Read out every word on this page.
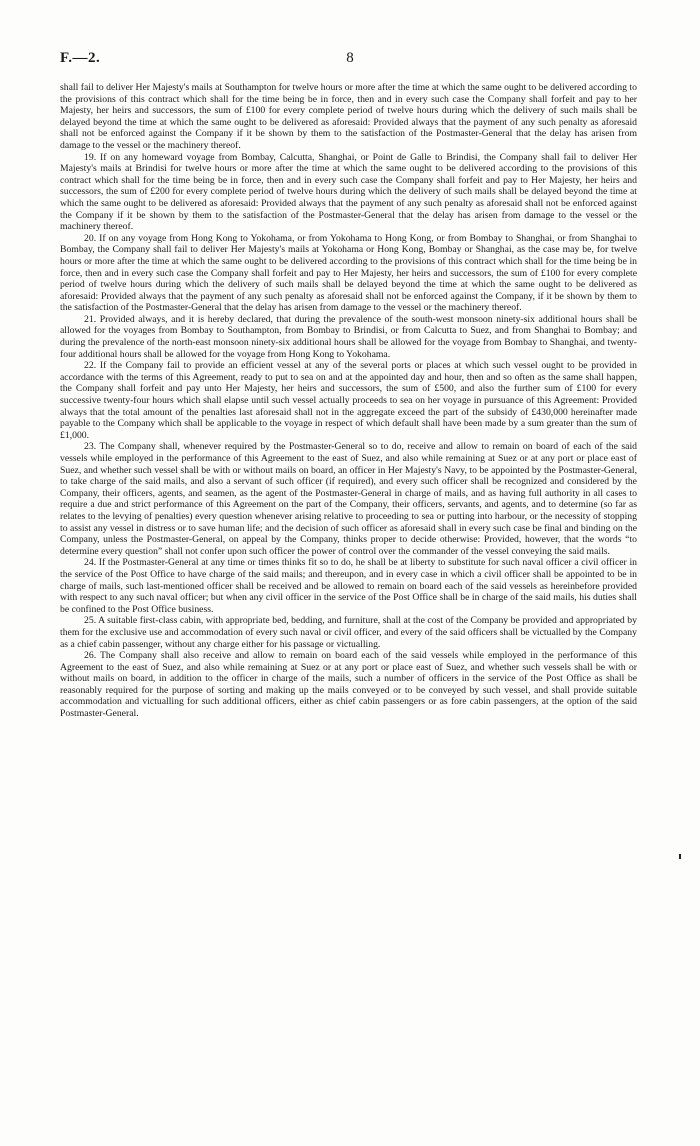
F.—2.	8

shall fail to deliver Her Majesty's mails at Southampton for twelve hours or more after the time at which the same ought to be delivered according to the provisions of this contract which shall for the time being be in force, then and in every such case the Company shall forfeit and pay to her Majesty, her heirs and successors, the sum of £100 for every complete period of twelve hours during which the delivery of such mails shall be delayed beyond the time at which the same ought to be delivered as aforesaid: Provided always that the payment of any such penalty as aforesaid shall not be enforced against the Company if it be shown by them to the satisfaction of the Postmaster-General that the delay has arisen from damage to the vessel or the machinery thereof.

19. If on any homeward voyage from Bombay, Calcutta, Shanghai, or Point de Galle to Brindisi, the Company shall fail to deliver Her Majesty's mails at Brindisi for twelve hours or more after the time at which the same ought to be delivered according to the provisions of this contract which shall for the time being be in force, then and in every such case the Company shall forfeit and pay to Her Majesty, her heirs and successors, the sum of £200 for every complete period of twelve hours during which the delivery of such mails shall be delayed beyond the time at which the same ought to be delivered as aforesaid: Provided always that the payment of any such penalty as aforesaid shall not be enforced against the Company if it be shown by them to the satisfaction of the Postmaster-General that the delay has arisen from damage to the vessel or the machinery thereof.

20. If on any voyage from Hong Kong to Yokohama, or from Yokohama to Hong Kong, or from Bombay to Shanghai, or from Shanghai to Bombay, the Company shall fail to deliver Her Majesty's mails at Yokohama or Hong Kong, Bombay or Shanghai, as the case may be, for twelve hours or more after the time at which the same ought to be delivered according to the provisions of this contract which shall for the time being be in force, then and in every such case the Company shall forfeit and pay to Her Majesty, her heirs and successors, the sum of £100 for every complete period of twelve hours during which the delivery of such mails shall be delayed beyond the time at which the same ought to be delivered as aforesaid: Provided always that the payment of any such penalty as aforesaid shall not be enforced against the Company, if it be shown by them to the satisfaction of the Postmaster-General that the delay has arisen from damage to the vessel or the machinery thereof.

21. Provided always, and it is hereby declared, that during the prevalence of the south-west monsoon ninety-six additional hours shall be allowed for the voyages from Bombay to Southampton, from Bombay to Brindisi, or from Calcutta to Suez, and from Shanghai to Bombay; and during the prevalence of the north-east monsoon ninety-six additional hours shall be allowed for the voyage from Bombay to Shanghai, and twenty-four additional hours shall be allowed for the voyage from Hong Kong to Yokohama.

22. If the Company fail to provide an efficient vessel at any of the several ports or places at which such vessel ought to be provided in accordance with the terms of this Agreement, ready to put to sea on and at the appointed day and hour, then and so often as the same shall happen, the Company shall forfeit and pay unto Her Majesty, her heirs and successors, the sum of £500, and also the further sum of £100 for every successive twenty-four hours which shall elapse until such vessel actually proceeds to sea on her voyage in pursuance of this Agreement: Provided always that the total amount of the penalties last aforesaid shall not in the aggregate exceed the part of the subsidy of £430,000 hereinafter made payable to the Company which shall be applicable to the voyage in respect of which default shall have been made by a sum greater than the sum of £1,000.

23. The Company shall, whenever required by the Postmaster-General so to do, receive and allow to remain on board of each of the said vessels while employed in the performance of this Agreement to the east of Suez, and also while remaining at Suez or at any port or place east of Suez, and whether such vessel shall be with or without mails on board, an officer in Her Majesty's Navy, to be appointed by the Postmaster-General, to take charge of the said mails, and also a servant of such officer (if required), and every such officer shall be recognized and considered by the Company, their officers, agents, and seamen, as the agent of the Postmaster-General in charge of mails, and as having full authority in all cases to require a due and strict performance of this Agreement on the part of the Company, their officers, servants, and agents, and to determine (so far as relates to the levying of penalties) every question whenever arising relative to proceeding to sea or putting into harbour, or the necessity of stopping to assist any vessel in distress or to save human life; and the decision of such officer as aforesaid shall in every such case be final and binding on the Company, unless the Postmaster-General, on appeal by the Company, thinks proper to decide otherwise: Provided, however, that the words “to determine every question” shall not confer upon such officer the power of control over the commander of the vessel conveying the said mails.

24. If the Postmaster-General at any time or times thinks fit so to do, he shall be at liberty to substitute for such naval officer a civil officer in the service of the Post Office to have charge of the said mails; and thereupon, and in every case in which a civil officer shall be appointed to be in charge of mails, such last-mentioned officer shall be received and be allowed to remain on board each of the said vessels as hereinbefore provided with respect to any such naval officer; but when any civil officer in the service of the Post Office shall be in charge of the said mails, his duties shall be confined to the Post Office business.

25. A suitable first-class cabin, with appropriate bed, bedding, and furniture, shall at the cost of the Company be provided and appropriated by them for the exclusive use and accommodation of every such naval or civil officer, and every of the said officers shall be victualled by the Company as a chief cabin passenger, without any charge either for his passage or victualling.

26. The Company shall also receive and allow to remain on board each of the said vessels while employed in the performance of this Agreement to the east of Suez, and also while remaining at Suez or at any port or place east of Suez, and whether such vessels shall be with or without mails on board, in addition to the officer in charge of the mails, such a number of officers in the service of the Post Office as shall be reasonably required for the purpose of sorting and making up the mails conveyed or to be conveyed by such vessel, and shall provide suitable accommodation and victualling for such additional officers, either as chief cabin passengers or as fore cabin passengers, at the option of the said Postmaster-General.
